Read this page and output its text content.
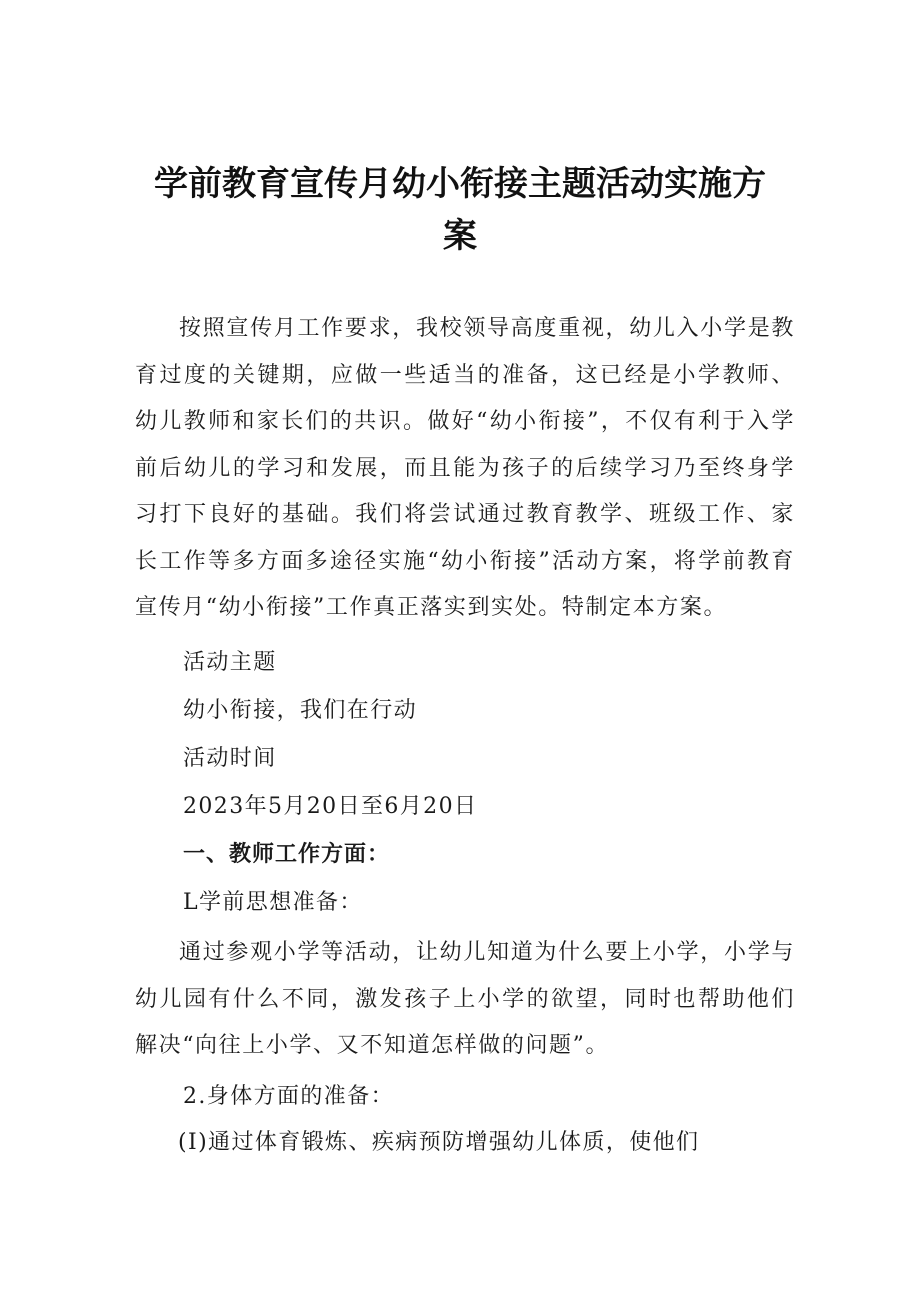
学前教育宣传月幼小衔接主题活动实施方
案

按照宣传月工作要求，我校领导高度重视，幼儿入小学是教育过度的关键期，应做一些适当的准备，这已经是小学教师、幼儿教师和家长们的共识。做好“幼小衔接”，不仅有利于入学前后幼儿的学习和发展，而且能为孩子的后续学习乃至终身学习打下良好的基础。我们将尝试通过教育教学、班级工作、家长工作等多方面多途径实施“幼小衔接”活动方案，将学前教育宣传月“幼小衔接”工作真正落实到实处。特制定本方案。

活动主题

幼小衔接，我们在行动

活动时间

2023年5月20日至6月20日

一、教师工作方面：

L学前思想准备：

通过参观小学等活动，让幼儿知道为什么要上小学，小学与幼儿园有什么不同，激发孩子上小学的欲望，同时也帮助他们解决“向往上小学、又不知道怎样做的问题”。

2.身体方面的准备：

(I)通过体育锻炼、疾病预防增强幼儿体质，使他们
